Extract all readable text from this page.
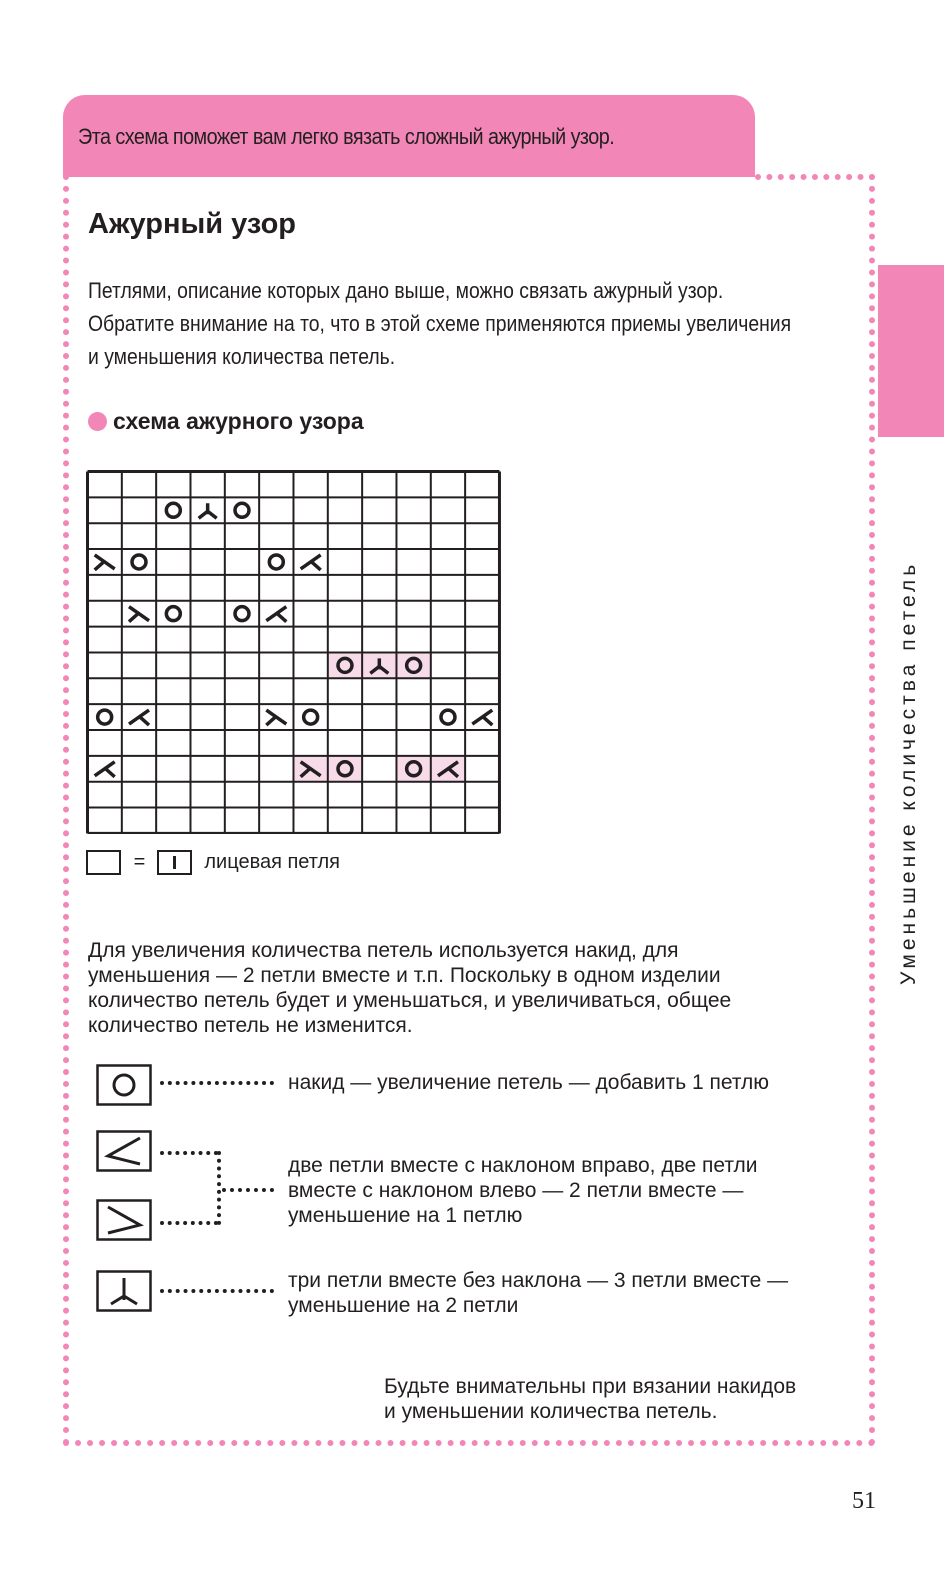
Эта схема поможет вам легко вязать сложный ажурный узор.
Уменьшение количества петель
Ажурный узор
Петлями, описание которых дано выше, можно связать ажурный узор.
Обратите внимание на то, что в этой схеме применяются приемы увеличения
и уменьшения количества петель.
схема ажурного узора
=	лицевая петля
Для увеличения количества петель используется накид, для
уменьшения — 2 петли вместе и т.п. Поскольку в одном изделии
количество петель будет и уменьшаться, и увеличиваться, общее
количество петель не изменится.
накид — увеличение петель — добавить 1 петлю
две петли вместе с наклоном вправо, две петли
вместе с наклоном влево — 2 петли вместе —
уменьшение на 1 петлю
три петли вместе без наклона — 3 петли вместе —
уменьшение на 2 петли
Будьте внимательны при вязании накидов
и уменьшении количества петель.
51
